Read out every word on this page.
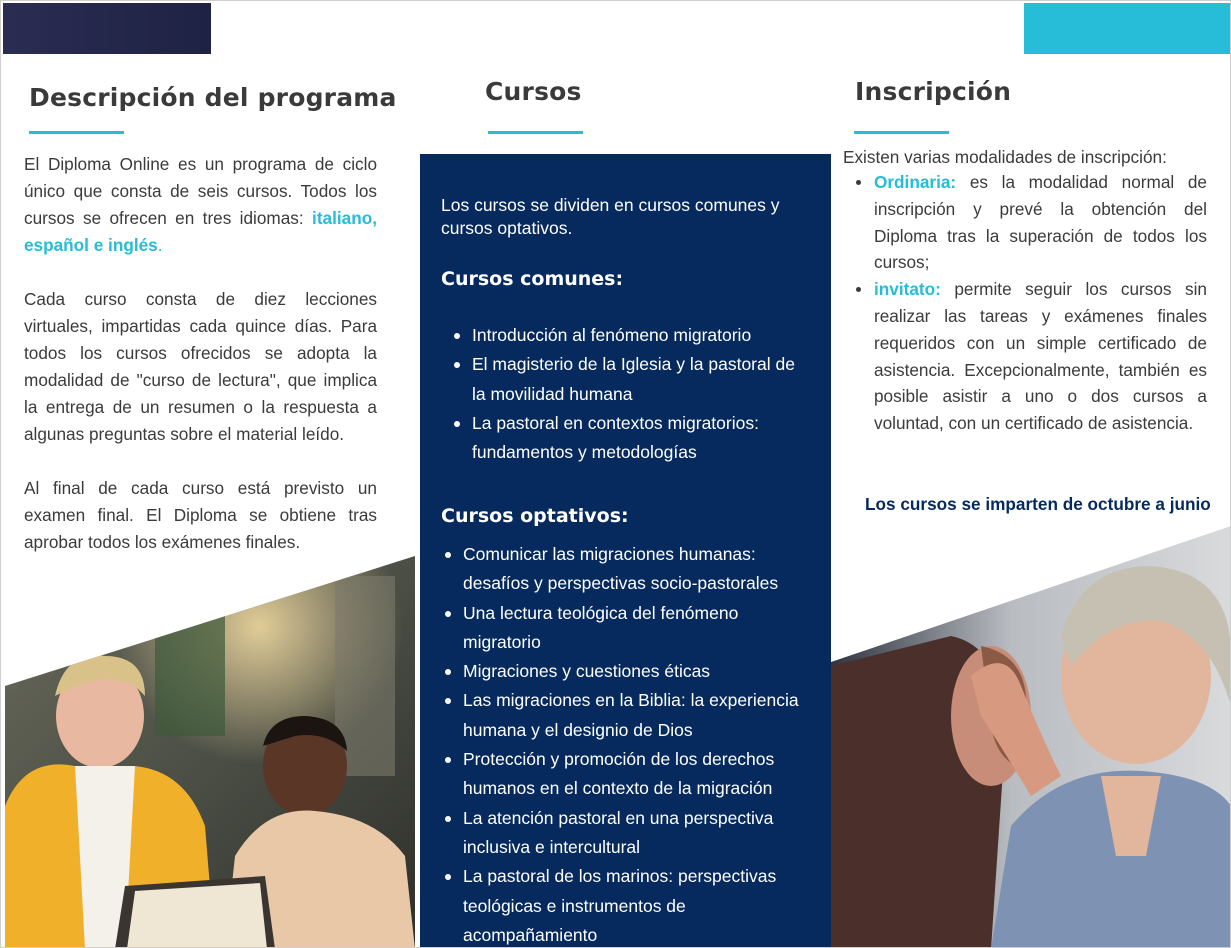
Descripción del programa

El Diploma Online es un programa de ciclo único que consta de seis cursos. Todos los cursos se ofrecen en tres idiomas: italiano, español e inglés.

Cada curso consta de diez lecciones virtuales, impartidas cada quince días. Para todos los cursos ofrecidos se adopta la modalidad de "curso de lectura", que implica la entrega de un resumen o la respuesta a algunas preguntas sobre el material leído.

Al final de cada curso está previsto un examen final. El Diploma se obtiene tras aprobar todos los exámenes finales.

Cursos
Los cursos se dividen en cursos comunes y cursos optativos.
Cursos comunes:
Introducción al fenómeno migratorio
El magisterio de la Iglesia y la pastoral de la movilidad humana
La pastoral en contextos migratorios: fundamentos y metodologías
Cursos optativos:
Comunicar las migraciones humanas: desafíos y perspectivas socio-pastorales
Una lectura teológica del fenómeno migratorio
Migraciones y cuestiones éticas
Las migraciones en la Biblia: la experiencia humana y el designio de Dios
Protección y promoción de los derechos humanos en el contexto de la migración
La atención pastoral en una perspectiva inclusiva e intercultural
La pastoral de los marinos: perspectivas teológicas e instrumentos de acompañamiento
Inscripción
Existen varias modalidades de inscripción:
Ordinaria: es la modalidad normal de inscripción y prevé la obtención del Diploma tras la superación de todos los cursos;
invitato: permite seguir los cursos sin realizar las tareas y exámenes finales requeridos con un simple certificado de asistencia. Excepcionalmente, también es posible asistir a uno o dos cursos a voluntad, con un certificado de asistencia.
Los cursos se imparten de octubre a junio
